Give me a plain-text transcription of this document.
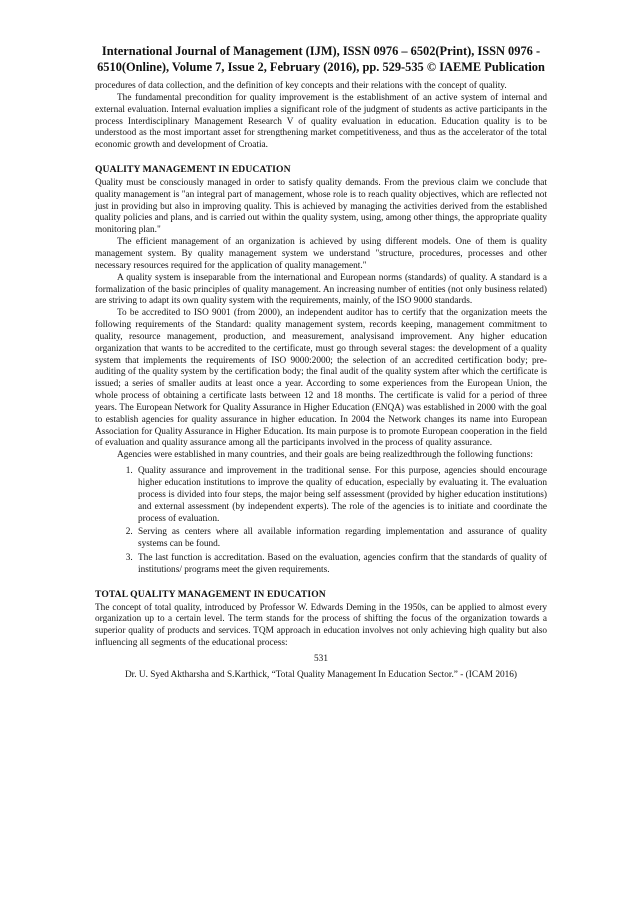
International Journal of Management (IJM), ISSN 0976 – 6502(Print), ISSN 0976 - 6510(Online), Volume 7, Issue 2, February (2016), pp. 529-535 © IAEME Publication

procedures of data collection, and the definition of key concepts and their relations with the concept of quality.

The fundamental precondition for quality improvement is the establishment of an active system of internal and external evaluation. Internal evaluation implies a significant role of the judgment of students as active participants in the process Interdisciplinary Management Research V of quality evaluation in education. Education quality is to be understood as the most important asset for strengthening market competitiveness, and thus as the accelerator of the total economic growth and development of Croatia.

QUALITY MANAGEMENT IN EDUCATION

Quality must be consciously managed in order to satisfy quality demands. From the previous claim we conclude that quality management is "an integral part of management, whose role is to reach quality objectives, which are reflected not just in providing but also in improving quality. This is achieved by managing the activities derived from the established quality policies and plans, and is carried out within the quality system, using, among other things, the appropriate quality monitoring plan."

The efficient management of an organization is achieved by using different models. One of them is quality management system. By quality management system we understand "structure, procedures, processes and other necessary resources required for the application of quality management."

A quality system is inseparable from the international and European norms (standards) of quality. A standard is a formalization of the basic principles of quality management. An increasing number of entities (not only business related) are striving to adapt its own quality system with the requirements, mainly, of the ISO 9000 standards.

To be accredited to ISO 9001 (from 2000), an independent auditor has to certify that the organization meets the following requirements of the Standard: quality management system, records keeping, management commitment to quality, resource management, production, and measurement, analysisand improvement. Any higher education organization that wants to be accredited to the certificate, must go through several stages: the development of a quality system that implements the requirements of ISO 9000:2000; the selection of an accredited certification body; pre-auditing of the quality system by the certification body; the final audit of the quality system after which the certificate is issued; a series of smaller audits at least once a year. According to some experiences from the European Union, the whole process of obtaining a certificate lasts between 12 and 18 months. The certificate is valid for a period of three years. The European Network for Quality Assurance in Higher Education (ENQA) was established in 2000 with the goal to establish agencies for quality assurance in higher education. In 2004 the Network changes its name into European Association for Quality Assurance in Higher Education. Its main purpose is to promote European cooperation in the field of evaluation and quality assurance among all the participants involved in the process of quality assurance.

Agencies were established in many countries, and their goals are being realizedthrough the following functions:

1. Quality assurance and improvement in the traditional sense. For this purpose, agencies should encourage higher education institutions to improve the quality of education, especially by evaluating it. The evaluation process is divided into four steps, the major being self assessment (provided by higher education institutions) and external assessment (by independent experts). The role of the agencies is to initiate and coordinate the process of evaluation.
2. Serving as centers where all available information regarding implementation and assurance of quality systems can be found.
3. The last function is accreditation. Based on the evaluation, agencies confirm that the standards of quality of institutions/ programs meet the given requirements.
TOTAL QUALITY MANAGEMENT IN EDUCATION

The concept of total quality, introduced by Professor W. Edwards Deming in the 1950s, can be applied to almost every organization up to a certain level. The term stands for the process of shifting the focus of the organization towards a superior quality of products and services. TQM approach in education involves not only achieving high quality but also influencing all segments of the educational process:

531
Dr. U. Syed Aktharsha and S.Karthick, “Total Quality Management In Education Sector.” - (ICAM 2016)
